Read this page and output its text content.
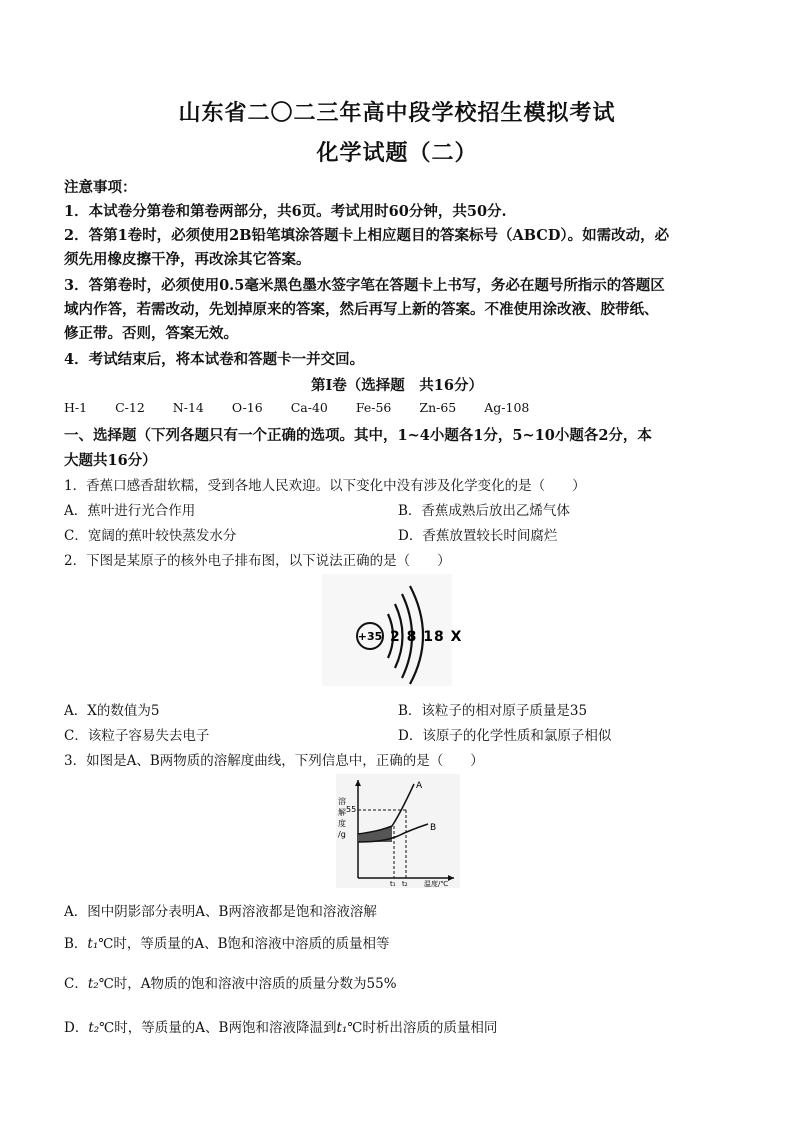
山东省二〇二三年高中段学校招生模拟考试
化学试题（二）
注意事项：
1．本试卷分第卷和第卷两部分，共6页。考试用时60分钟，共50分.
2．答第1卷时，必须使用2B铅笔填涂答题卡上相应题目的答案标号（ABCD）。如需改动，必
须先用橡皮擦干净，再改涂其它答案。
3．答第卷时，必须使用0.5毫米黑色墨水签字笔在答题卡上书写，务必在题号所指示的答题区
域内作答，若需改动，先划掉原来的答案，然后再写上新的答案。不准使用涂改液、胶带纸、
修正带。否则，答案无效。
4．考试结束后，将本试卷和答题卡一并交回。
第Ⅰ卷（选择题　共16分）
H-1 C-12 N-14 O-16 Ca-40 Fe-56 Zn-65 Ag-108
一、选择题（下列各题只有一个正确的选项。其中，1~4小题各1分，5~10小题各2分，本
大题共16分）
1．香蕉口感香甜软糯，受到各地人民欢迎。以下变化中没有涉及化学变化的是（　　）
A．蕉叶进行光合作用	B．香蕉成熟后放出乙烯气体
C．宽阔的蕉叶较快蒸发水分	D．香蕉放置较长时间腐烂
2．下图是某原子的核外电子排布图，以下说法正确的是（　　）
+35 2 8 18 X
A．X的数值为5	B．该粒子的相对原子质量是35
C．该粒子容易失去电子	D．该原子的化学性质和氯原子相似
3．如图是A、B两物质的溶解度曲线，下列信息中，正确的是（　　）
溶
解
度
/g
55
A
B
t₁ t₂ 温度/℃
A．图中阴影部分表明A、B两溶液都是饱和溶液溶解
B．t₁℃时，等质量的A、B饱和溶液中溶质的质量相等
C．t₂℃时，A物质的饱和溶液中溶质的质量分数为55%
D．t₂℃时，等质量的A、B两饱和溶液降温到t₁℃时析出溶质的质量相同
